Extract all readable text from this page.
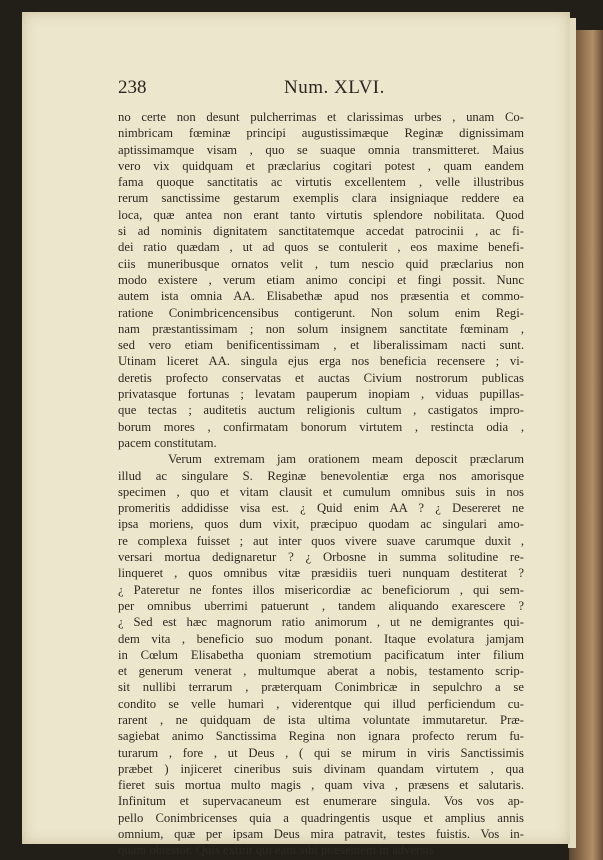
238	Num. XLVI.
no certe non desunt pulcherrimas et clarissimas urbes , unam Co-
nimbricam fœminæ principi augustissimæque Reginæ dignissimam
aptissimamque visam , quo se suaque omnia transmitteret. Maius
vero vix quidquam et præclarius cogitari potest , quam eandem
fama quoque sanctitatis ac virtutis excellentem , velle illustribus
rerum sanctissime gestarum exemplis clara insigniaque reddere ea
loca, quæ antea non erant tanto virtutis splendore nobilitata. Quod
si ad nominis dignitatem sanctitatemque accedat patrocinii , ac fi-
dei ratio quædam , ut ad quos se contulerit , eos maxime benefi-
ciis muneribusque ornatos velit , tum nescio quid præclarius non
modo existere , verum etiam animo concipi et fingi possit. Nunc
autem ista omnia AA. Elisabethæ apud nos præsentia et commo-
ratione Conimbricencensibus contigerunt. Non solum enim Regi-
nam præstantissimam ; non solum insignem sanctitate fœminam ,
sed vero etiam benificentissimam , et liberalissimam nacti sunt.
Utinam liceret AA. singula ejus erga nos beneficia recensere ; vi-
deretis profecto conservatas et auctas Civium nostrorum publicas
privatasque fortunas ; levatam pauperum inopiam , viduas pupillas-
que tectas ; auditetis auctum religionis cultum , castigatos impro-
borum mores , confirmatam bonorum virtutem , restincta odia ,
pacem constitutam.
Verum extremam jam orationem meam deposcit præclarum
illud ac singulare S. Reginæ benevolentiæ erga nos amorisque
specimen , quo et vitam clausit et cumulum omnibus suis in nos
promeritis addidisse visa est. ¿ Quid enim AA ? ¿ Desereret ne
ipsa moriens, quos dum vixit, præcipuo quodam ac singulari amo-
re complexa fuisset ; aut inter quos vivere suave carumque duxit ,
versari mortua dedignaretur ? ¿ Orbosne in summa solitudine re-
linqueret , quos omnibus vitæ præsidiis tueri nunquam destiterat ?
¿ Pateretur ne fontes illos misericordiæ ac beneficiorum , qui sem-
per omnibus uberrimi patuerunt , tandem aliquando exarescere ?
¿ Sed est hæc magnorum ratio animorum , ut ne demigrantes qui-
dem vita , beneficio suo modum ponant. Itaque evolatura jamjam
in Cœlum Elisabetha quoniam stremotium pacificatum inter filium
et generum venerat , multumque aberat a nobis, testamento scrip-
sit nullibi terrarum , præterquam Conimbricæ in sepulchro a se
condito se velle humari , viderentque qui illud perficiendum cu-
rarent , ne quidquam de ista ultima voluntate immutaretur. Præ-
sagiebat animo Sanctissima Regina non ignara profecto rerum fu-
turarum , fore , ut Deus , ( qui se mirum in viris Sanctissimis
præbet ) injiceret cineribus suis divinam quandam virtutem , qua
fieret suis mortua multo magis , quam viva , præsens et salutaris.
Infinitum et supervacaneum est enumerare singula. Vos vos ap-
pello Conimbricenses quia a quadringentis usque et amplius annis
omnium, quæ per ipsam Deus mira patravit, testes fuistis. Vos in-
quam obtestor. Quis extitit qui eam sibi præsentem in adversis
